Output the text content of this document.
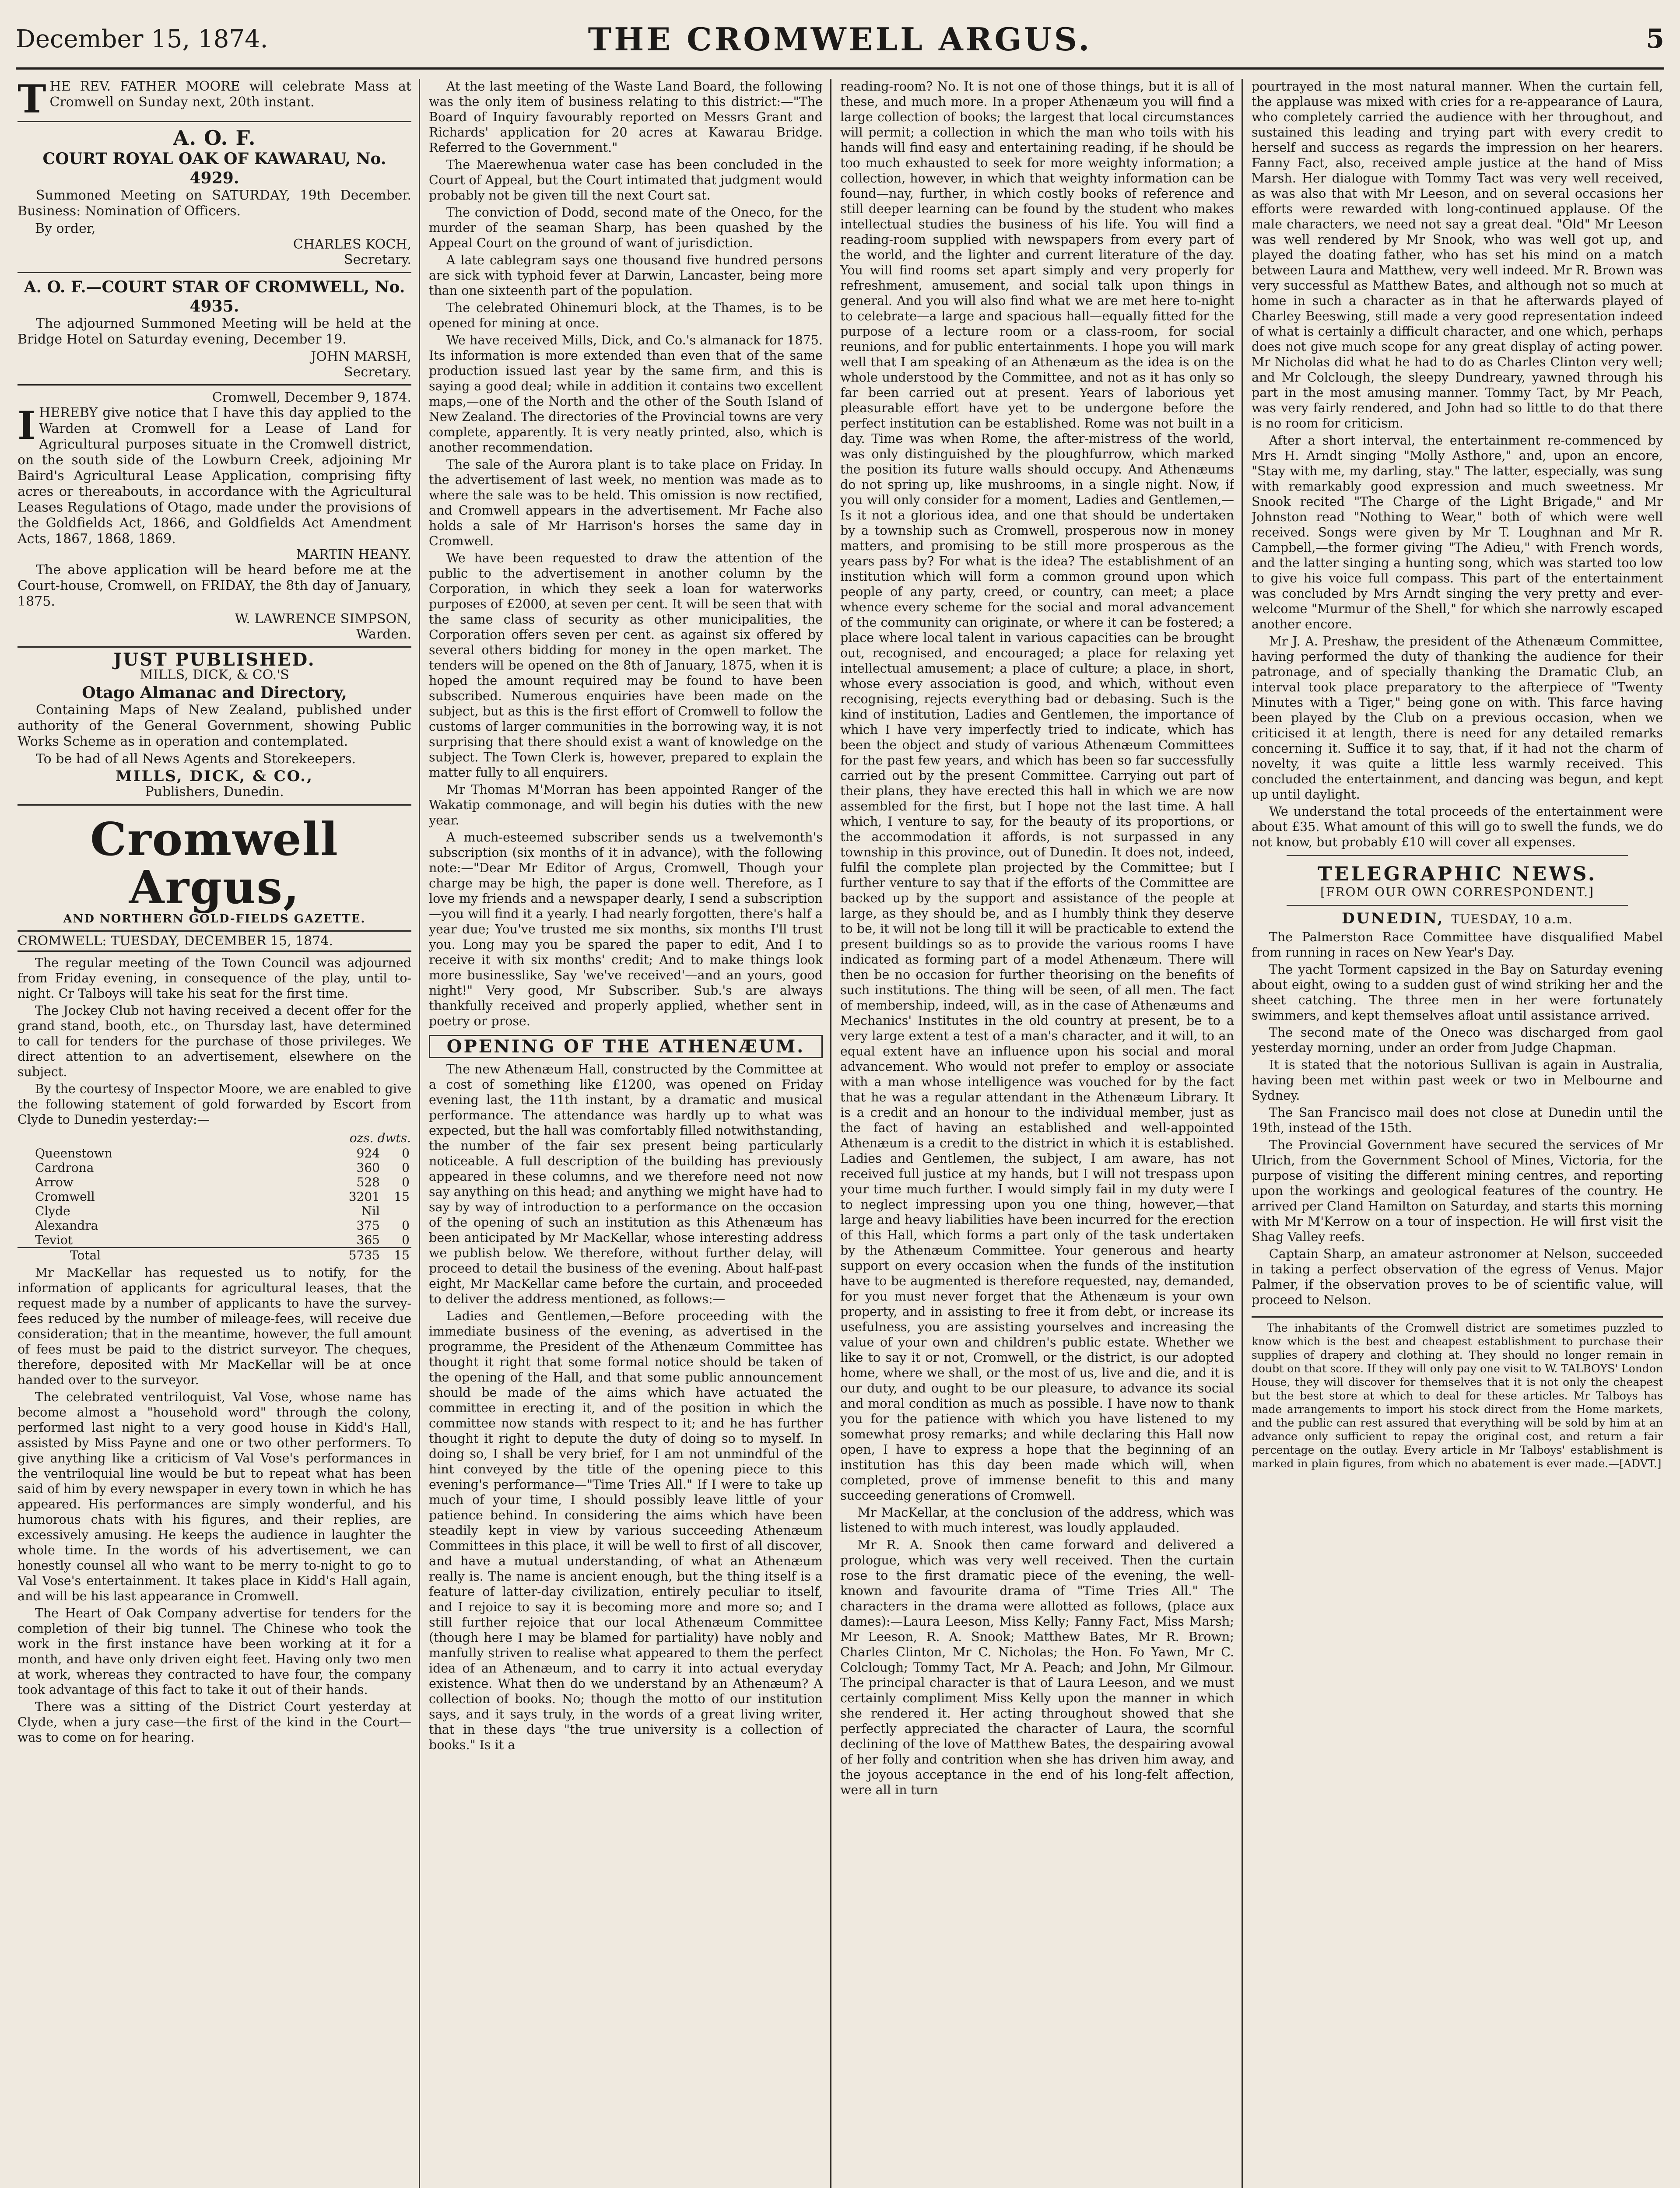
December 15, 1874.	THE CROMWELL ARGUS.	5
T HE REV. FATHER MOORE will celebrate Mass at Cromwell on Sunday next, 20th instant.
A. O. F.
COURT ROYAL OAK OF KAWARAU, No. 4929.

Summoned Meeting on SATURDAY, 19th December. Business: Nomination of Officers.

By order,
CHARLES KOCH,
Secretary.
A. O. F.—COURT STAR OF CROMWELL, No. 4935.

The adjourned Summoned Meeting will be held at the Bridge Hotel on Saturday evening, December 19.

JOHN MARSH,
Secretary.
Cromwell, December 9, 1874.
I HEREBY give notice that I have this day applied to the Warden at Cromwell for a Lease of Land for Agricultural purposes situate in the Cromwell district, on the south side of the Lowburn Creek, adjoining Mr Baird's Agricultural Lease Application, comprising fifty acres or thereabouts, in accordance with the Agricultural Leases Regulations of Otago, made under the provisions of the Goldfields Act, 1866, and Goldfields Act Amendment Acts, 1867, 1868, 1869.
MARTIN HEANY.

The above application will be heard before me at the Court-house, Cromwell, on FRIDAY, the 8th day of January, 1875.

W. LAWRENCE SIMPSON,
Warden.
JUST PUBLISHED.
MILLS, DICK, & CO.'S
Otago Almanac and Directory,

Containing Maps of New Zealand, published under authority of the General Government, showing Public Works Scheme as in operation and contemplated.

To be had of all News Agents and Storekeepers.

MILLS, DICK, & CO.,
Publishers, Dunedin.
Cromwell Argus,
AND NORTHERN GOLD-FIELDS GAZETTE.
CROMWELL: TUESDAY, DECEMBER 15, 1874.

The regular meeting of the Town Council was adjourned from Friday evening, in consequence of the play, until to-night. Cr Talboys will take his seat for the first time.

The Jockey Club not having received a decent offer for the grand stand, booth, etc., on Thursday last, have determined to call for tenders for the purchase of those privileges. We direct attention to an advertisement, elsewhere on the subject.

By the courtesy of Inspector Moore, we are enabled to give the following statement of gold forwarded by Escort from Clyde to Dunedin yesterday:—

	ozs. dwts.	
Queenstown	924	0
Cardrona	360	0
Arrow	528	0
Cromwell	3201	15
Clyde	Nil	
Alexandra	375	0
Teviot	365	0
Total	5735	15

Mr MacKellar has requested us to notify, for the information of applicants for agricultural leases, that the request made by a number of applicants to have the survey-fees reduced by the number of mileage-fees, will receive due consideration; that in the meantime, however, the full amount of fees must be paid to the district surveyor. The cheques, therefore, deposited with Mr MacKellar will be at once handed over to the surveyor.

The celebrated ventriloquist, Val Vose, whose name has become almost a "household word" through the colony, performed last night to a very good house in Kidd's Hall, assisted by Miss Payne and one or two other performers. To give anything like a criticism of Val Vose's performances in the ventriloquial line would be but to repeat what has been said of him by every newspaper in every town in which he has appeared. His performances are simply wonderful, and his humorous chats with his figures, and their replies, are excessively amusing. He keeps the audience in laughter the whole time. In the words of his advertisement, we can honestly counsel all who want to be merry to-night to go to Val Vose's entertainment. It takes place in Kidd's Hall again, and will be his last appearance in Cromwell.

The Heart of Oak Company advertise for tenders for the completion of their big tunnel. The Chinese who took the work in the first instance have been working at it for a month, and have only driven eight feet. Having only two men at work, whereas they contracted to have four, the company took advantage of this fact to take it out of their hands.

There was a sitting of the District Court yesterday at Clyde, when a jury case—the first of the kind in the Court—was to come on for hearing.

At the last meeting of the Waste Land Board, the following was the only item of business relating to this district:—"The Board of Inquiry favourably reported on Messrs Grant and Richards' application for 20 acres at Kawarau Bridge. Referred to the Government."

The Maerewhenua water case has been concluded in the Court of Appeal, but the Court intimated that judgment would probably not be given till the next Court sat.

The conviction of Dodd, second mate of the Oneco, for the murder of the seaman Sharp, has been quashed by the Appeal Court on the ground of want of jurisdiction.

A late cablegram says one thousand five hundred persons are sick with typhoid fever at Darwin, Lancaster, being more than one sixteenth part of the population.

The celebrated Ohinemuri block, at the Thames, is to be opened for mining at once.

We have received Mills, Dick, and Co.'s almanack for 1875. Its information is more extended than even that of the same production issued last year by the same firm, and this is saying a good deal; while in addition it contains two excellent maps,—one of the North and the other of the South Island of New Zealand. The directories of the Provincial towns are very complete, apparently. It is very neatly printed, also, which is another recommendation.

The sale of the Aurora plant is to take place on Friday. In the advertisement of last week, no mention was made as to where the sale was to be held. This omission is now rectified, and Cromwell appears in the advertisement. Mr Fache also holds a sale of Mr Harrison's horses the same day in Cromwell.

We have been requested to draw the attention of the public to the advertisement in another column by the Corporation, in which they seek a loan for waterworks purposes of £2000, at seven per cent. It will be seen that with the same class of security as other municipalities, the Corporation offers seven per cent. as against six offered by several others bidding for money in the open market. The tenders will be opened on the 8th of January, 1875, when it is hoped the amount required may be found to have been subscribed. Numerous enquiries have been made on the subject, but as this is the first effort of Cromwell to follow the customs of larger communities in the borrowing way, it is not surprising that there should exist a want of knowledge on the subject. The Town Clerk is, however, prepared to explain the matter fully to all enquirers.

Mr Thomas M'Morran has been appointed Ranger of the Wakatip commonage, and will begin his duties with the new year.

A much-esteemed subscriber sends us a twelvemonth's subscription (six months of it in advance), with the following note:—"Dear Mr Editor of Argus, Cromwell, Though your charge may be high, the paper is done well. Therefore, as I love my friends and a newspaper dearly, I send a subscription—you will find it a yearly. I had nearly forgotten, there's half a year due; You've trusted me six months, six months I'll trust you. Long may you be spared the paper to edit, And I to receive it with six months' credit; And to make things look more businesslike, Say 'we've received'—and an yours, good night!" Very good, Mr Subscriber. Sub.'s are always thankfully received and properly applied, whether sent in poetry or prose.

OPENING OF THE ATHENÆUM.

The new Athenæum Hall, constructed by the Committee at a cost of something like £1200, was opened on Friday evening last, the 11th instant, by a dramatic and musical performance. The attendance was hardly up to what was expected, but the hall was comfortably filled notwithstanding, the number of the fair sex present being particularly noticeable. A full description of the building has previously appeared in these columns, and we therefore need not now say anything on this head; and anything we might have had to say by way of introduction to a performance on the occasion of the opening of such an institution as this Athenæum has been anticipated by Mr MacKellar, whose interesting address we publish below. We therefore, without further delay, will proceed to detail the business of the evening. About half-past eight, Mr MacKellar came before the curtain, and proceeded to deliver the address mentioned, as follows:—

Ladies and Gentlemen,—Before proceeding with the immediate business of the evening, as advertised in the programme, the President of the Athenæum Committee has thought it right that some formal notice should be taken of the opening of the Hall, and that some public announcement should be made of the aims which have actuated the committee in erecting it, and of the position in which the committee now stands with respect to it; and he has further thought it right to depute the duty of doing so to myself. In doing so, I shall be very brief, for I am not unmindful of the hint conveyed by the title of the opening piece to this evening's performance—"Time Tries All." If I were to take up much of your time, I should possibly leave little of your patience behind. In considering the aims which have been steadily kept in view by various succeeding Athenæum Committees in this place, it will be well to first of all discover, and have a mutual understanding, of what an Athenæum really is. The name is ancient enough, but the thing itself is a feature of latter-day civilization, entirely peculiar to itself, and I rejoice to say it is becoming more and more so; and I still further rejoice that our local Athenæum Committee (though here I may be blamed for partiality) have nobly and manfully striven to realise what appeared to them the perfect idea of an Athenæum, and to carry it into actual everyday existence. What then do we understand by an Athenæum? A collection of books. No; though the motto of our institution says, and it says truly, in the words of a great living writer, that in these days "the true university is a collection of books." Is it a

reading-room? No. It is not one of those things, but it is all of these, and much more. In a proper Athenæum you will find a large collection of books; the largest that local circumstances will permit; a collection in which the man who toils with his hands will find easy and entertaining reading, if he should be too much exhausted to seek for more weighty information; a collection, however, in which that weighty information can be found—nay, further, in which costly books of reference and still deeper learning can be found by the student who makes intellectual studies the business of his life. You will find a reading-room supplied with newspapers from every part of the world, and the lighter and current literature of the day. You will find rooms set apart simply and very properly for refreshment, amusement, and social talk upon things in general. And you will also find what we are met here to-night to celebrate—a large and spacious hall—equally fitted for the purpose of a lecture room or a class-room, for social reunions, and for public entertainments. I hope you will mark well that I am speaking of an Athenæum as the idea is on the whole understood by the Committee, and not as it has only so far been carried out at present. Years of laborious yet pleasurable effort have yet to be undergone before the perfect institution can be established. Rome was not built in a day. Time was when Rome, the after-mistress of the world, was only distinguished by the ploughfurrow, which marked the position its future walls should occupy. And Athenæums do not spring up, like mushrooms, in a single night. Now, if you will only consider for a moment, Ladies and Gentlemen,—Is it not a glorious idea, and one that should be undertaken by a township such as Cromwell, prosperous now in money matters, and promising to be still more prosperous as the years pass by? For what is the idea? The establishment of an institution which will form a common ground upon which people of any party, creed, or country, can meet; a place whence every scheme for the social and moral advancement of the community can originate, or where it can be fostered; a place where local talent in various capacities can be brought out, recognised, and encouraged; a place for relaxing yet intellectual amusement; a place of culture; a place, in short, whose every association is good, and which, without even recognising, rejects everything bad or debasing. Such is the kind of institution, Ladies and Gentlemen, the importance of which I have very imperfectly tried to indicate, which has been the object and study of various Athenæum Committees for the past few years, and which has been so far successfully carried out by the present Committee. Carrying out part of their plans, they have erected this hall in which we are now assembled for the first, but I hope not the last time. A hall which, I venture to say, for the beauty of its proportions, or the accommodation it affords, is not surpassed in any township in this province, out of Dunedin. It does not, indeed, fulfil the complete plan projected by the Committee; but I further venture to say that if the efforts of the Committee are backed up by the support and assistance of the people at large, as they should be, and as I humbly think they deserve to be, it will not be long till it will be practicable to extend the present buildings so as to provide the various rooms I have indicated as forming part of a model Athenæum. There will then be no occasion for further theorising on the benefits of such institutions. The thing will be seen, of all men. The fact of membership, indeed, will, as in the case of Athenæums and Mechanics' Institutes in the old country at present, be to a very large extent a test of a man's character, and it will, to an equal extent have an influence upon his social and moral advancement. Who would not prefer to employ or associate with a man whose intelligence was vouched for by the fact that he was a regular attendant in the Athenæum Library. It is a credit and an honour to the individual member, just as the fact of having an established and well-appointed Athenæum is a credit to the district in which it is established. Ladies and Gentlemen, the subject, I am aware, has not received full justice at my hands, but I will not trespass upon your time much further. I would simply fail in my duty were I to neglect impressing upon you one thing, however,—that large and heavy liabilities have been incurred for the erection of this Hall, which forms a part only of the task undertaken by the Athenæum Committee. Your generous and hearty support on every occasion when the funds of the institution have to be augmented is therefore requested, nay, demanded, for you must never forget that the Athenæum is your own property, and in assisting to free it from debt, or increase its usefulness, you are assisting yourselves and increasing the value of your own and children's public estate. Whether we like to say it or not, Cromwell, or the district, is our adopted home, where we shall, or the most of us, live and die, and it is our duty, and ought to be our pleasure, to advance its social and moral condition as much as possible. I have now to thank you for the patience with which you have listened to my somewhat prosy remarks; and while declaring this Hall now open, I have to express a hope that the beginning of an institution has this day been made which will, when completed, prove of immense benefit to this and many succeeding generations of Cromwell.

Mr MacKellar, at the conclusion of the address, which was listened to with much interest, was loudly applauded.

Mr R. A. Snook then came forward and delivered a prologue, which was very well received. Then the curtain rose to the first dramatic piece of the evening, the well-known and favourite drama of "Time Tries All." The characters in the drama were allotted as follows, (place aux dames):—Laura Leeson, Miss Kelly; Fanny Fact, Miss Marsh; Mr Leeson, R. A. Snook; Matthew Bates, Mr R. Brown; Charles Clinton, Mr C. Nicholas; the Hon. Fo Yawn, Mr C. Colclough; Tommy Tact, Mr A. Peach; and John, Mr Gilmour. The principal character is that of Laura Leeson, and we must certainly compliment Miss Kelly upon the manner in which she rendered it. Her acting throughout showed that she perfectly appreciated the character of Laura, the scornful declining of the love of Matthew Bates, the despairing avowal of her folly and contrition when she has driven him away, and the joyous acceptance in the end of his long-felt affection, were all in turn

pourtrayed in the most natural manner. When the curtain fell, the applause was mixed with cries for a re-appearance of Laura, who completely carried the audience with her throughout, and sustained this leading and trying part with every credit to herself and success as regards the impression on her hearers. Fanny Fact, also, received ample justice at the hand of Miss Marsh. Her dialogue with Tommy Tact was very well received, as was also that with Mr Leeson, and on several occasions her efforts were rewarded with long-continued applause. Of the male characters, we need not say a great deal. "Old" Mr Leeson was well rendered by Mr Snook, who was well got up, and played the doating father, who has set his mind on a match between Laura and Matthew, very well indeed. Mr R. Brown was very successful as Matthew Bates, and although not so much at home in such a character as in that he afterwards played of Charley Beeswing, still made a very good representation indeed of what is certainly a difficult character, and one which, perhaps does not give much scope for any great display of acting power. Mr Nicholas did what he had to do as Charles Clinton very well; and Mr Colclough, the sleepy Dundreary, yawned through his part in the most amusing manner. Tommy Tact, by Mr Peach, was very fairly rendered, and John had so little to do that there is no room for criticism.

After a short interval, the entertainment re-commenced by Mrs H. Arndt singing "Molly Asthore," and, upon an encore, "Stay with me, my darling, stay." The latter, especially, was sung with remarkably good expression and much sweetness. Mr Snook recited "The Charge of the Light Brigade," and Mr Johnston read "Nothing to Wear," both of which were well received. Songs were given by Mr T. Loughnan and Mr R. Campbell,—the former giving "The Adieu," with French words, and the latter singing a hunting song, which was started too low to give his voice full compass. This part of the entertainment was concluded by Mrs Arndt singing the very pretty and ever-welcome "Murmur of the Shell," for which she narrowly escaped another encore.

Mr J. A. Preshaw, the president of the Athenæum Committee, having performed the duty of thanking the audience for their patronage, and of specially thanking the Dramatic Club, an interval took place preparatory to the afterpiece of "Twenty Minutes with a Tiger," being gone on with. This farce having been played by the Club on a previous occasion, when we criticised it at length, there is need for any detailed remarks concerning it. Suffice it to say, that, if it had not the charm of novelty, it was quite a little less warmly received. This concluded the entertainment, and dancing was begun, and kept up until daylight.

We understand the total proceeds of the entertainment were about £35. What amount of this will go to swell the funds, we do not know, but probably £10 will cover all expenses.

TELEGRAPHIC NEWS.
[FROM OUR OWN CORRESPONDENT.]
DUNEDIN, TUESDAY, 10 a.m.

The Palmerston Race Committee have disqualified Mabel from running in races on New Year's Day.

The yacht Torment capsized in the Bay on Saturday evening about eight, owing to a sudden gust of wind striking her and the sheet catching. The three men in her were fortunately swimmers, and kept themselves afloat until assistance arrived.

The second mate of the Oneco was discharged from gaol yesterday morning, under an order from Judge Chapman.

It is stated that the notorious Sullivan is again in Australia, having been met within past week or two in Melbourne and Sydney.

The San Francisco mail does not close at Dunedin until the 19th, instead of the 15th.

The Provincial Government have secured the services of Mr Ulrich, from the Government School of Mines, Victoria, for the purpose of visiting the different mining centres, and reporting upon the workings and geological features of the country. He arrived per Cland Hamilton on Saturday, and starts this morning with Mr M'Kerrow on a tour of inspection. He will first visit the Shag Valley reefs.

Captain Sharp, an amateur astronomer at Nelson, succeeded in taking a perfect observation of the egress of Venus. Major Palmer, if the observation proves to be of scientific value, will proceed to Nelson.

The inhabitants of the Cromwell district are sometimes puzzled to know which is the best and cheapest establishment to purchase their supplies of drapery and clothing at. They should no longer remain in doubt on that score. If they will only pay one visit to W. TALBOYS' London House, they will discover for themselves that it is not only the cheapest but the best store at which to deal for these articles. Mr Talboys has made arrangements to import his stock direct from the Home markets, and the public can rest assured that everything will be sold by him at an advance only sufficient to repay the original cost, and return a fair percentage on the outlay. Every article in Mr Talboys' establishment is marked in plain figures, from which no abatement is ever made.—[ADVT.]
